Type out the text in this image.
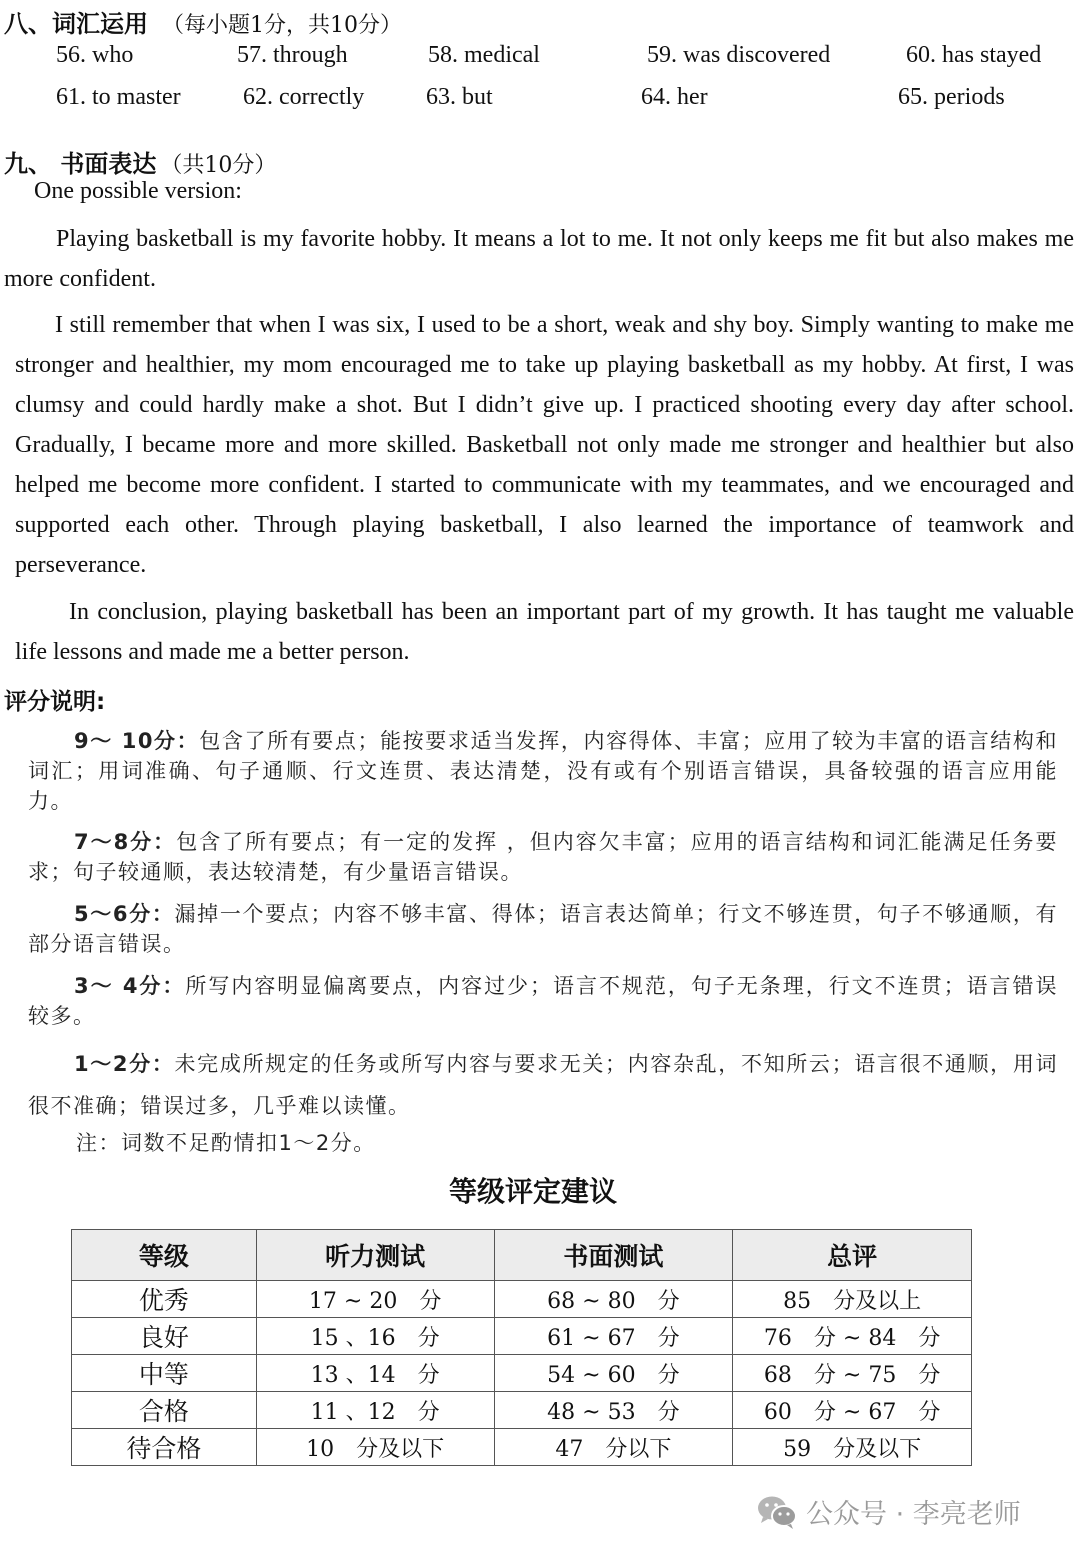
八、词汇运用 （每小题1分，共10分）
56. who	57. through	58. medical	59. was discovered	60. has stayed
61. to master	62. correctly	63. but	64. her	65. periods
九、 书面表达 （共10分）
One possible version:
Playing basketball is my favorite hobby. It means a lot to me. It not only keeps me fit but also makes me more confident.
I still remember that when I was six, I used to be a short, weak and shy boy. Simply wanting to make me stronger and healthier, my mom encouraged me to take up playing basketball as my hobby. At first, I was clumsy and could hardly make a shot. But I didn’t give up. I practiced shooting every day after school. Gradually, I became more and more skilled. Basketball not only made me stronger and healthier but also helped me become more confident. I started to communicate with my teammates, and we encouraged and supported each other. Through playing basketball, I also learned the importance of teamwork and perseverance.
In conclusion, playing basketball has been an important part of my growth. It has taught me valuable life lessons and made me a better person.
评分说明:
9～ 10分：包含了所有要点；能按要求适当发挥，内容得体、丰富；应用了较为丰富的语言结构和词汇；用词准确、句子通顺、行文连贯、表达清楚，没有或有个别语言错误，具备较强的语言应用能力。
7～8分：包含了所有要点；有一定的发挥 ，但内容欠丰富；应用的语言结构和词汇能满足任务要求；句子较通顺，表达较清楚，有少量语言错误。
5～6分：漏掉一个要点；内容不够丰富、得体；语言表达简单；行文不够连贯，句子不够通顺，有部分语言错误。
3～ 4分：所写内容明显偏离要点，内容过少；语言不规范，句子无条理，行文不连贯；语言错误较多。
1～2分：未完成所规定的任务或所写内容与要求无关；内容杂乱，不知所云；语言很不通顺，用词很不准确；错误过多，几乎难以读懂。
注：词数不足酌情扣1～2分。
等级评定建议
等级	听力测试	书面测试	总评
优秀	17 ~ 20　分	68 ~ 80　分	85　分及以上
良好	15 、16　分	61 ~ 67　分	76　分 ~ 84　分
中等	13 、14　分	54 ~ 60　分	68　分 ~ 75　分
合格	11 、12　分	48 ~ 53　分	60　分 ~ 67　分
待合格	10　分及以下	47　分以下	59　分及以下
公众号 · 李亮老师
